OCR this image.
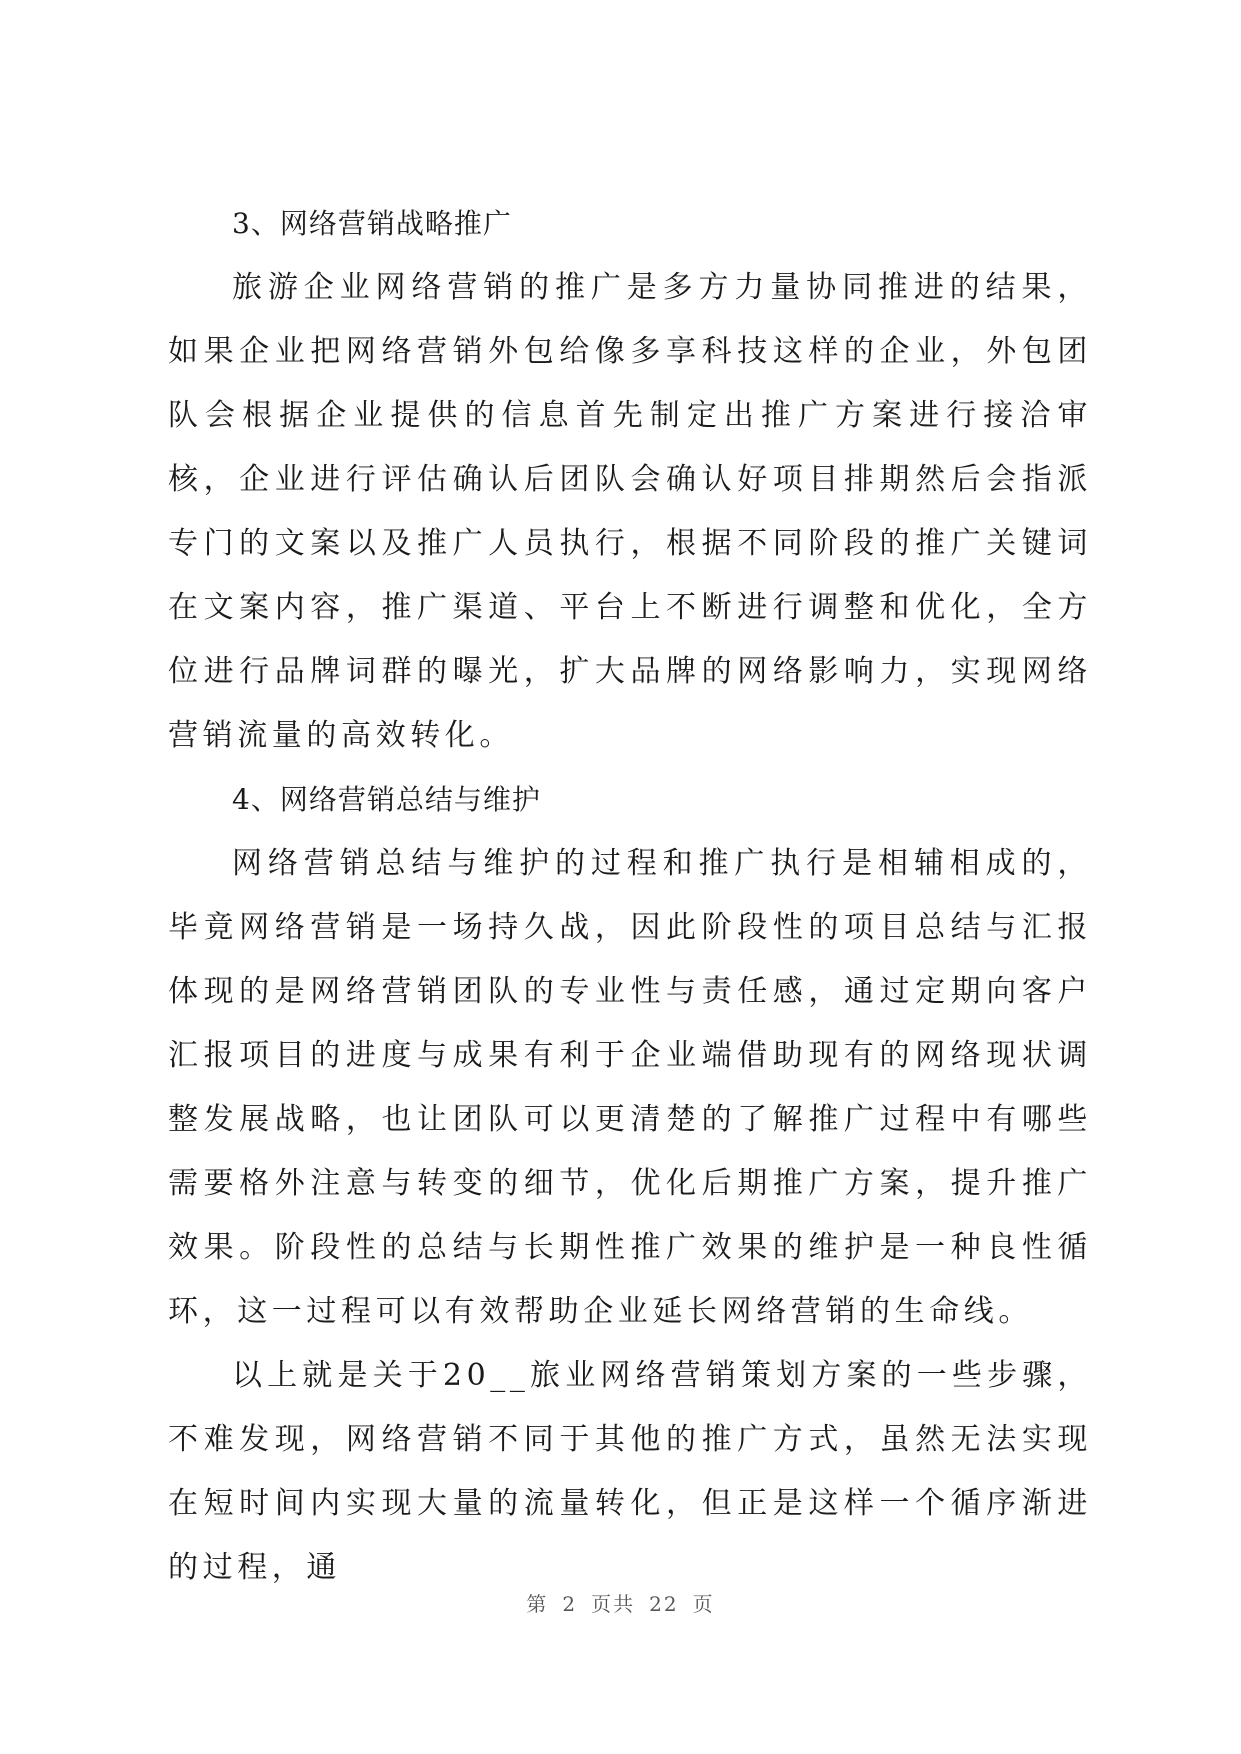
3、网络营销战略推广

旅游企业网络营销的推广是多方力量协同推进的结果，如果企业把网络营销外包给像多享科技这样的企业，外包团队会根据企业提供的信息首先制定出推广方案进行接洽审核，企业进行评估确认后团队会确认好项目排期然后会指派专门的文案以及推广人员执行，根据不同阶段的推广关键词在文案内容，推广渠道、平台上不断进行调整和优化，全方位进行品牌词群的曝光，扩大品牌的网络影响力，实现网络营销流量的高效转化。

4、网络营销总结与维护

网络营销总结与维护的过程和推广执行是相辅相成的，毕竟网络营销是一场持久战，因此阶段性的项目总结与汇报体现的是网络营销团队的专业性与责任感，通过定期向客户汇报项目的进度与成果有利于企业端借助现有的网络现状调整发展战略，也让团队可以更清楚的了解推广过程中有哪些需要格外注意与转变的细节，优化后期推广方案，提升推广效果。阶段性的总结与长期性推广效果的维护是一种良性循环，这一过程可以有效帮助企业延长网络营销的生命线。

以上就是关于20__旅业网络营销策划方案的一些步骤，不难发现，网络营销不同于其他的推广方式，虽然无法实现在短时间内实现大量的流量转化，但正是这样一个循序渐进的过程，通

第 2 页共 22 页
